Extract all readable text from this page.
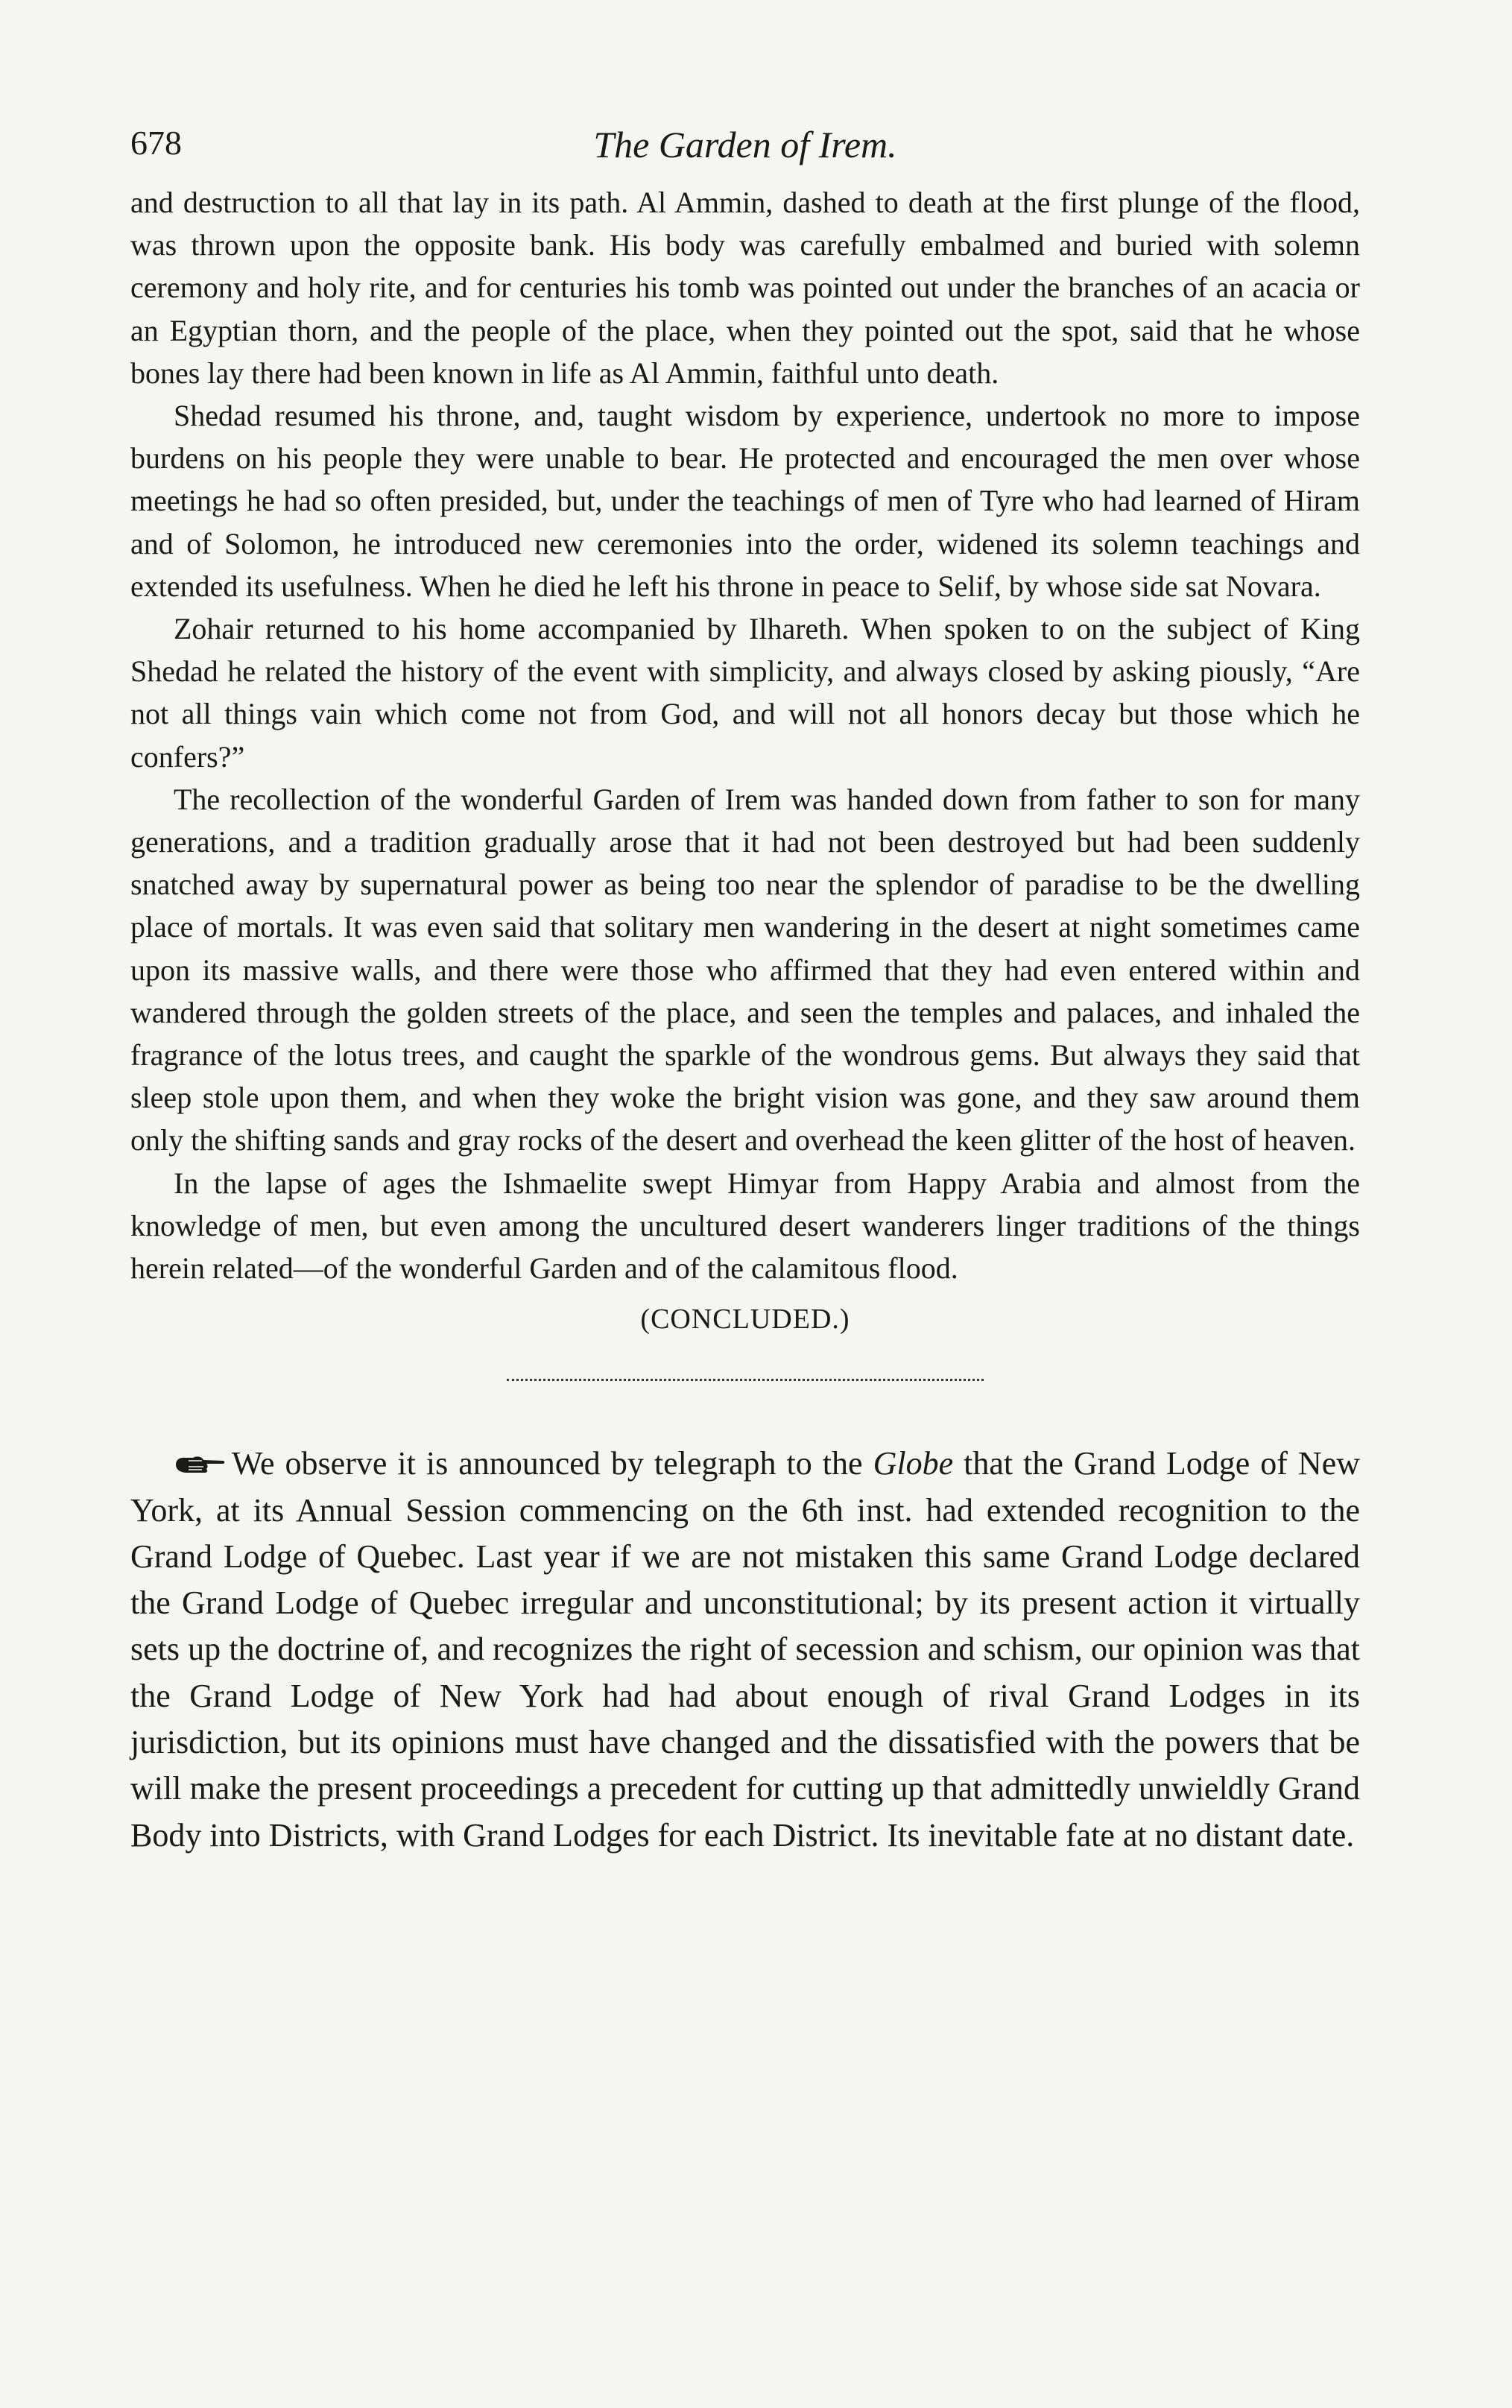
678	The Garden of Irem.

and destruction to all that lay in its path. Al Ammin, dashed to death at the first plunge of the flood, was thrown upon the opposite bank. His body was carefully embalmed and buried with solemn ceremony and holy rite, and for centuries his tomb was pointed out under the branches of an acacia or an Egyptian thorn, and the people of the place, when they pointed out the spot, said that he whose bones lay there had been known in life as Al Ammin, faithful unto death.

Shedad resumed his throne, and, taught wisdom by experience, undertook no more to impose burdens on his people they were unable to bear. He protected and encouraged the men over whose meetings he had so often presided, but, under the teachings of men of Tyre who had learned of Hiram and of Solomon, he introduced new ceremonies into the order, widened its solemn teachings and extended its usefulness. When he died he left his throne in peace to Selif, by whose side sat Novara.

Zohair returned to his home accompanied by Ilhareth. When spoken to on the subject of King Shedad he related the history of the event with simplicity, and always closed by asking piously, “Are not all things vain which come not from God, and will not all honors decay but those which he confers?”

The recollection of the wonderful Garden of Irem was handed down from father to son for many generations, and a tradition gradually arose that it had not been destroyed but had been suddenly snatched away by supernatural power as being too near the splendor of paradise to be the dwelling place of mortals. It was even said that solitary men wandering in the desert at night sometimes came upon its massive walls, and there were those who affirmed that they had even entered within and wandered through the golden streets of the place, and seen the temples and palaces, and inhaled the fragrance of the lotus trees, and caught the sparkle of the wondrous gems. But always they said that sleep stole upon them, and when they woke the bright vision was gone, and they saw around them only the shifting sands and gray rocks of the desert and overhead the keen glitter of the host of heaven.

In the lapse of ages the Ishmaelite swept Himyar from Happy Arabia and almost from the knowledge of men, but even among the uncultured desert wanderers linger traditions of the things herein related—of the wonderful Garden and of the calamitous flood.

(CONCLUDED.)

We observe it is announced by telegraph to the Globe that the Grand Lodge of New York, at its Annual Session commencing on the 6th inst. had extended recognition to the Grand Lodge of Quebec. Last year if we are not mistaken this same Grand Lodge declared the Grand Lodge of Quebec irregular and unconstitutional; by its present action it virtually sets up the doctrine of, and recognizes the right of secession and schism, our opinion was that the Grand Lodge of New York had had about enough of rival Grand Lodges in its jurisdiction, but its opinions must have changed and the dissatisfied with the powers that be will make the present proceedings a precedent for cutting up that admittedly unwieldly Grand Body into Districts, with Grand Lodges for each District. Its inevitable fate at no distant date.
